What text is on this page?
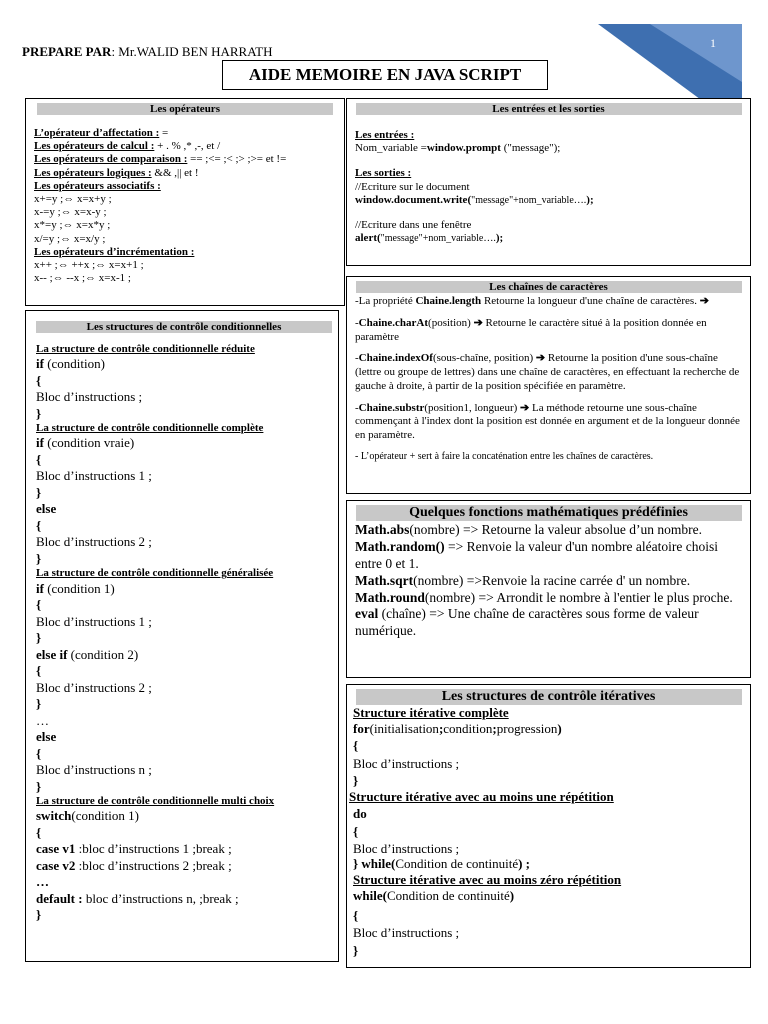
1
PREPARE PAR: Mr.WALID BEN HARRATH
AIDE MEMOIRE EN JAVA SCRIPT
Les opérateurs
L’opérateur d’affectation : =
Les opérateurs de calcul : + . % ,* ,-, et /
Les opérateurs de comparaison : == ;<= ;< ;> ;>= et !=
Les opérateurs logiques : && ,|| et !
Les opérateurs associatifs :
x+=y ;⇔ x=x+y ;
x-=y ;⇔ x=x-y ;
x*=y ;⇔ x=x*y ;
x/=y ;⇔ x=x/y ;
Les opérateurs d’incrémentation :
x++ ;⇔ ++x ;⇔ x=x+1 ;
x-- ;⇔ --x ;⇔ x=x-1 ;
Les entrées et les sorties
Les entrées :
Nom_variable =window.prompt ("message");
Les sorties :
//Ecriture sur le document
window.document.write("message"+nom_variable….);
//Ecriture dans une fenêtre
alert("message"+nom_variable….);
Les chaînes de caractères
-La propriété Chaine.length Retourne la longueur d'une chaîne de caractères. ➔
-Chaine.charAt(position) ➔ Retourne le caractère situé à la position donnée en paramètre
-Chaine.indexOf(sous-chaîne, position) ➔ Retourne la position d'une sous-chaîne (lettre ou groupe de lettres) dans une chaîne de caractères, en effectuant la recherche de gauche à droite, à partir de la position spécifiée en paramètre.
-Chaine.substr(position1, longueur) ➔ La méthode retourne une sous-chaîne commençant à l'index dont la position est donnée en argument et de la longueur donnée en paramètre.
- L’opérateur + sert à faire la concaténation entre les chaînes de caractères.
Les structures de contrôle conditionnelles
La structure de contrôle conditionnelle réduite
if (condition)
{
Bloc d’instructions ;
}
La structure de contrôle conditionnelle complète
if (condition vraie)
{
Bloc d’instructions 1 ;
}
else
{
Bloc d’instructions 2 ;
}
La structure de contrôle conditionnelle généralisée
if (condition 1)
{
Bloc d’instructions 1 ;
}
else if (condition 2)
{
Bloc d’instructions 2 ;
}
…
else
{
Bloc d’instructions n ;
}
La structure de contrôle conditionnelle multi choix
switch(condition 1)
{
case v1 :bloc d’instructions 1 ;break ;
case v2 :bloc d’instructions 2 ;break ;
…
default : bloc d’instructions n, ;break ;
}
Quelques fonctions mathématiques prédéfinies
Math.abs(nombre) => Retourne la valeur absolue d’un nombre.
Math.random() => Renvoie la valeur d'un nombre aléatoire choisi entre 0 et 1.
Math.sqrt(nombre) =>Renvoie la racine carrée d' un nombre.
Math.round(nombre) => Arrondit le nombre à l'entier le plus proche.
eval (chaîne) => Une chaîne de caractères sous forme de valeur numérique.
Les structures de contrôle itératives
Structure itérative complète
for(initialisation;condition;progression)
{
Bloc d’instructions ;
}
Structure itérative avec au moins une répétition
do
{
Bloc d’instructions ;
} while(Condition de continuité) ;
Structure itérative avec au moins zéro répétition
while(Condition de continuité)
{
Bloc d’instructions ;
}
